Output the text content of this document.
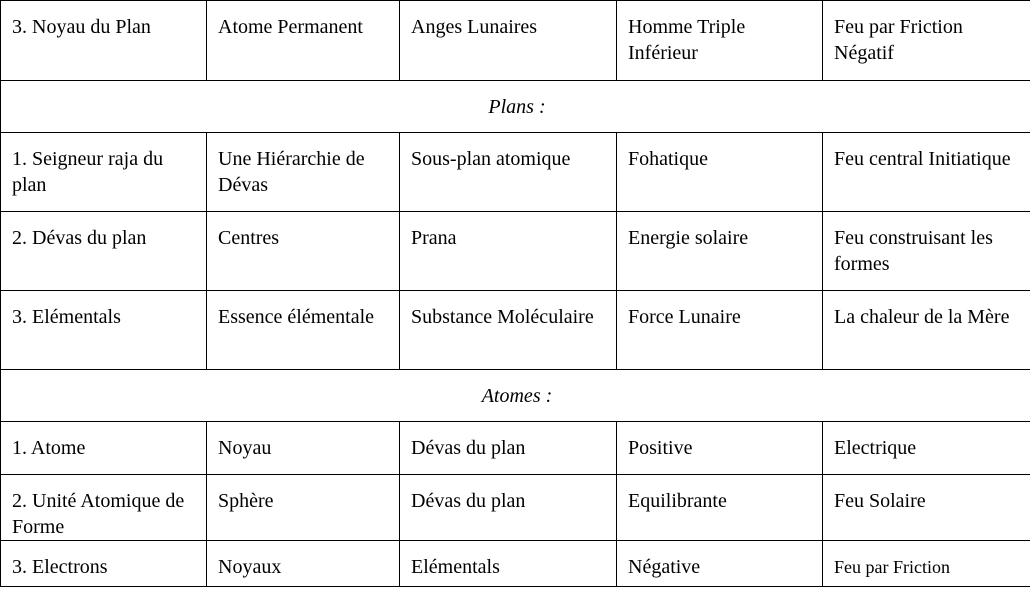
3. Noyau du Plan	Atome Permanent	Anges Lunaires	Homme Triple Inférieur	Feu par Friction Négatif
Plans :				
1. Seigneur raja du plan	Une Hiérarchie de Dévas	Sous-plan atomique	Fohatique	Feu central Initiatique
2. Dévas du plan	Centres	Prana	Energie solaire	Feu construisant les formes
3. Elémentals	Essence élémentale	Substance Moléculaire	Force Lunaire	La chaleur de la Mère
Atomes :				
1. Atome	Noyau	Dévas du plan	Positive	Electrique
2. Unité Atomique de Forme	Sphère	Dévas du plan	Equilibrante	Feu Solaire
3. Electrons	Noyaux	Elémentals	Négative	Feu par Friction
